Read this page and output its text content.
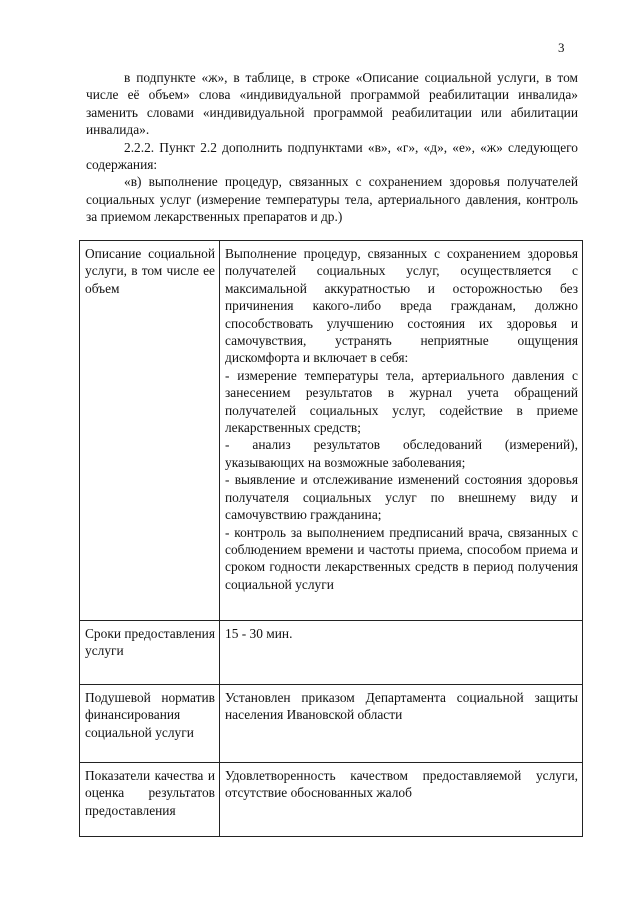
3

в подпункте «ж», в таблице, в строке «Описание социальной услуги, в том числе её объем» слова «индивидуальной программой реабилитации инвалида» заменить словами «индивидуальной программой реабилитации или абилитации инвалида».

2.2.2. Пункт 2.2 дополнить подпунктами «в», «г», «д», «е», «ж» следующего содержания:

«в) выполнение процедур, связанных с сохранением здоровья получателей социальных услуг (измерение температуры тела, артериального давления, контроль за приемом лекарственных препаратов и др.)

Описание социальной услуги, в том числе ее объем	Выполнение процедур, связанных с сохранением здоровья получателей социальных услуг, осуществляется с максимальной аккуратностью и осторожностью без причинения какого-либо вреда гражданам, должно способствовать улучшению состояния их здоровья и самочувствия, устранять неприятные ощущения дискомфорта и включает в себя:
- измерение температуры тела, артериального давления с занесением результатов в журнал учета обращений получателей социальных услуг, содействие в приеме лекарственных средств;
- анализ результатов обследований (измерений), указывающих на возможные заболевания;
- выявление и отслеживание изменений состояния здоровья получателя социальных услуг по внешнему виду и самочувствию гражданина;
- контроль за выполнением предписаний врача, связанных с соблюдением времени и частоты приема, способом приема и сроком годности лекарственных средств в период получения социальной услуги

Сроки предоставления услуги	15 - 30 мин.
Подушевой норматив финансирования социальной услуги	Установлен приказом Департамента социальной защиты населения Ивановской области
Показатели качества и оценка результатов предоставления	Удовлетворенность качеством предоставляемой услуги, отсутствие обоснованных жалоб
